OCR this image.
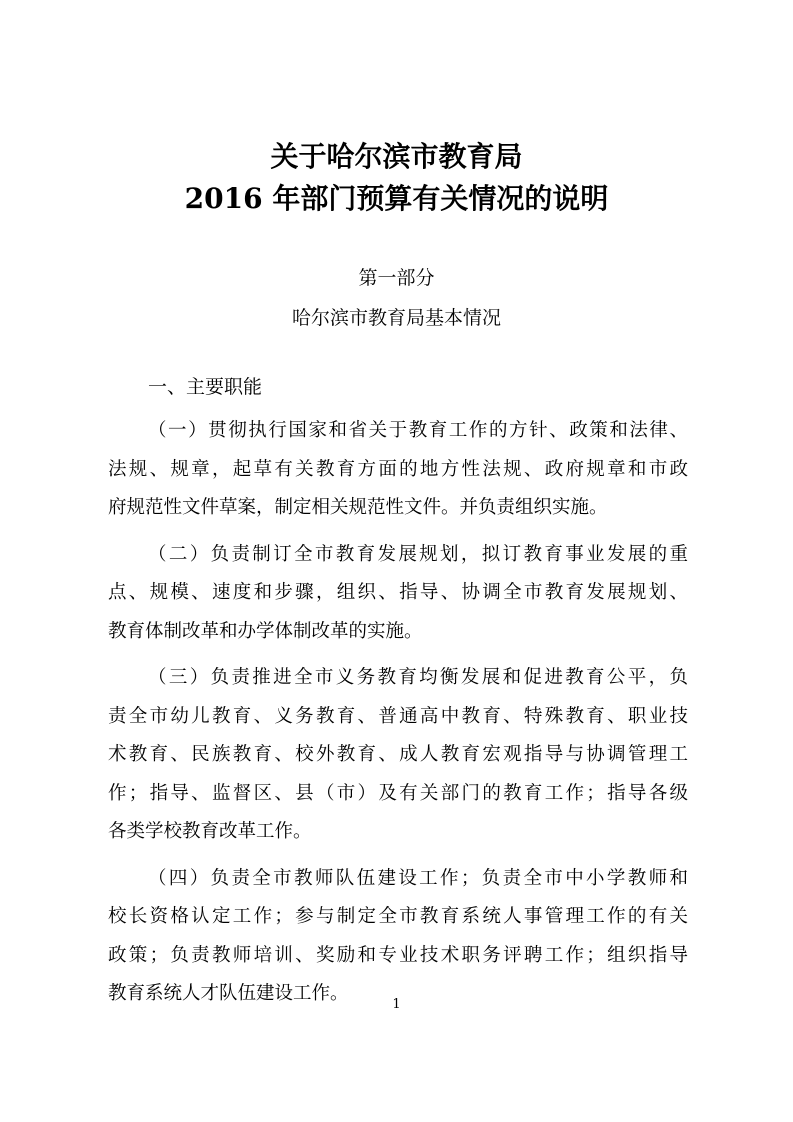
关于哈尔滨市教育局
2016 年部门预算有关情况的说明
第一部分
哈尔滨市教育局基本情况
一、主要职能
（一）贯彻执行国家和省关于教育工作的方针、政策和法律、
法规、规章，起草有关教育方面的地方性法规、政府规章和市政
府规范性文件草案，制定相关规范性文件。并负责组织实施。
（二）负责制订全市教育发展规划，拟订教育事业发展的重
点、规模、速度和步骤，组织、指导、协调全市教育发展规划、
教育体制改革和办学体制改革的实施。
（三）负责推进全市义务教育均衡发展和促进教育公平，负
责全市幼儿教育、义务教育、普通高中教育、特殊教育、职业技
术教育、民族教育、校外教育、成人教育宏观指导与协调管理工
作；指导、监督区、县（市）及有关部门的教育工作；指导各级
各类学校教育改革工作。
（四）负责全市教师队伍建设工作；负责全市中小学教师和
校长资格认定工作；参与制定全市教育系统人事管理工作的有关
政策；负责教师培训、奖励和专业技术职务评聘工作；组织指导
教育系统人才队伍建设工作。
1
